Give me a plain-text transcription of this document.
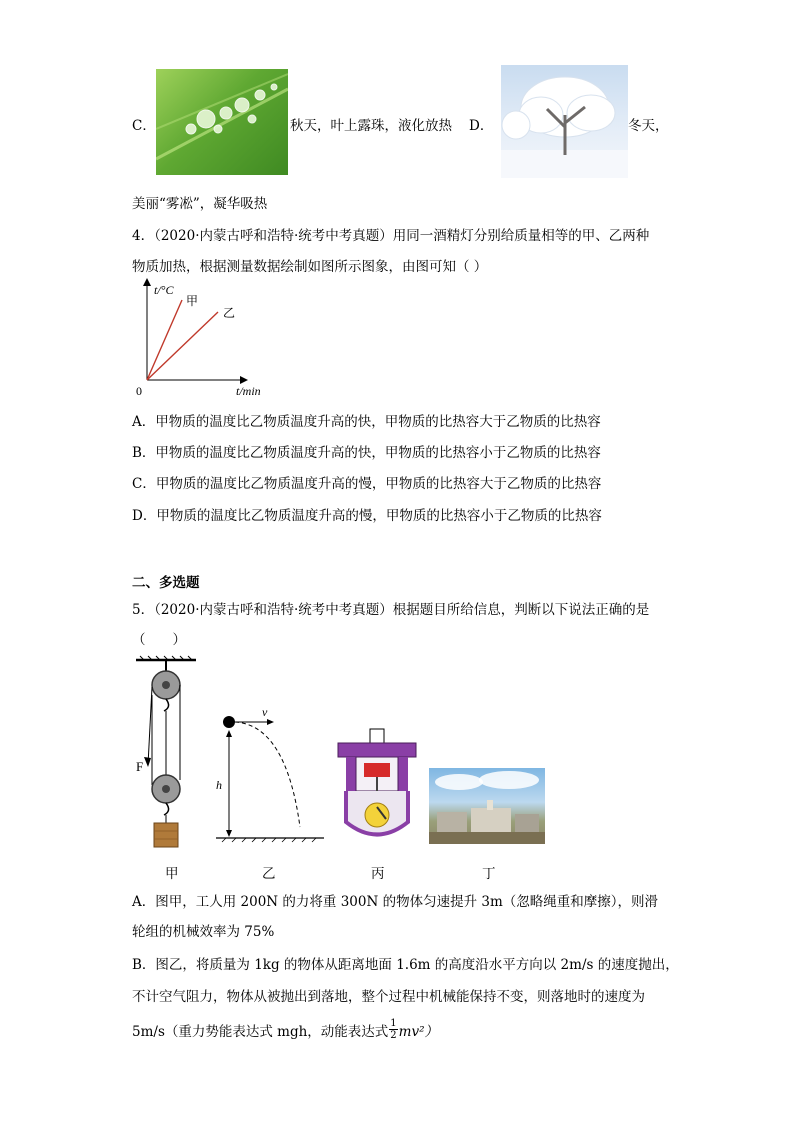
C．	秋天，叶上露珠，液化放热 D．	冬天，
美丽“雾凇”，凝华吸热
4．（2020·内蒙古呼和浩特·统考中考真题）用同一酒精灯分别给质量相等的甲、乙两种
物质加热，根据测量数据绘制如图所示图象，由图可知（ ）
t/°C
甲
乙
0	t/min
A．甲物质的温度比乙物质温度升高的快，甲物质的比热容大于乙物质的比热容
B．甲物质的温度比乙物质温度升高的快，甲物质的比热容小于乙物质的比热容
C．甲物质的温度比乙物质温度升高的慢，甲物质的比热容大于乙物质的比热容
D．甲物质的温度比乙物质温度升高的慢，甲物质的比热容小于乙物质的比热容
二、多选题
5．（2020·内蒙古呼和浩特·统考中考真题）根据题目所给信息，判断以下说法正确的是
（　　）
F
v
h
甲	乙	丙	丁
A．图甲，工人用 200N 的力将重 300N 的物体匀速提升 3m（忽略绳重和摩擦），则滑
轮组的机械效率为 75%
B．图乙，将质量为 1kg 的物体从距离地面 1.6m 的高度沿水平方向以 2m/s 的速度抛出，
不计空气阻力，物体从被抛出到落地，整个过程中机械能保持不变，则落地时的速度为
5m/s（重力势能表达式 mgh，动能表达式 $\frac{1}{2} mv^2$）
